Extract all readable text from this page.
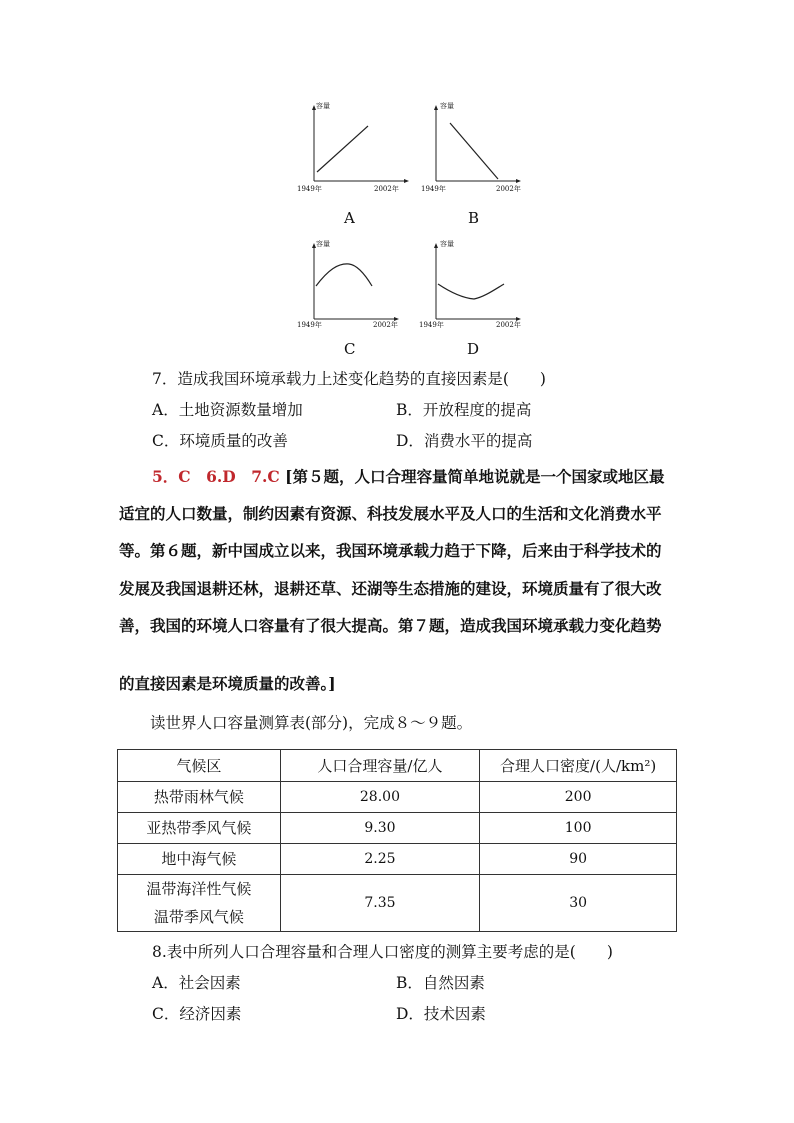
容量
1949年	2002年
A
容量
1949年	2002年
B
容量
1949年	2002年
C
容量
1949年	2002年
D
7．造成我国环境承载力上述变化趋势的直接因素是(　　)
A．土地资源数量增加	B．开放程度的提高
C．环境质量的改善	D．消费水平的提高
5．C　6.D　7.C [第５题，人口合理容量简单地说就是一个国家或地区最
适宜的人口数量，制约因素有资源、科技发展水平及人口的生活和文化消费水平
等。第６题，新中国成立以来，我国环境承载力趋于下降，后来由于科学技术的
发展及我国退耕还林，退耕还草、还湖等生态措施的建设，环境质量有了很大改
善，我国的环境人口容量有了很大提高。第７题，造成我国环境承载力变化趋势
的直接因素是环境质量的改善。]
读世界人口容量测算表(部分)，完成８～９题。
气候区	人口合理容量/亿人	合理人口密度/(人/km²)
热带雨林气候	28.00	200
亚热带季风气候	9.30	100
地中海气候	2.25	90

温带海洋性气候
温带季风气候	7.35	30
8.表中所列人口合理容量和合理人口密度的测算主要考虑的是(　　)
A．社会因素	B．自然因素
C．经济因素	D．技术因素
